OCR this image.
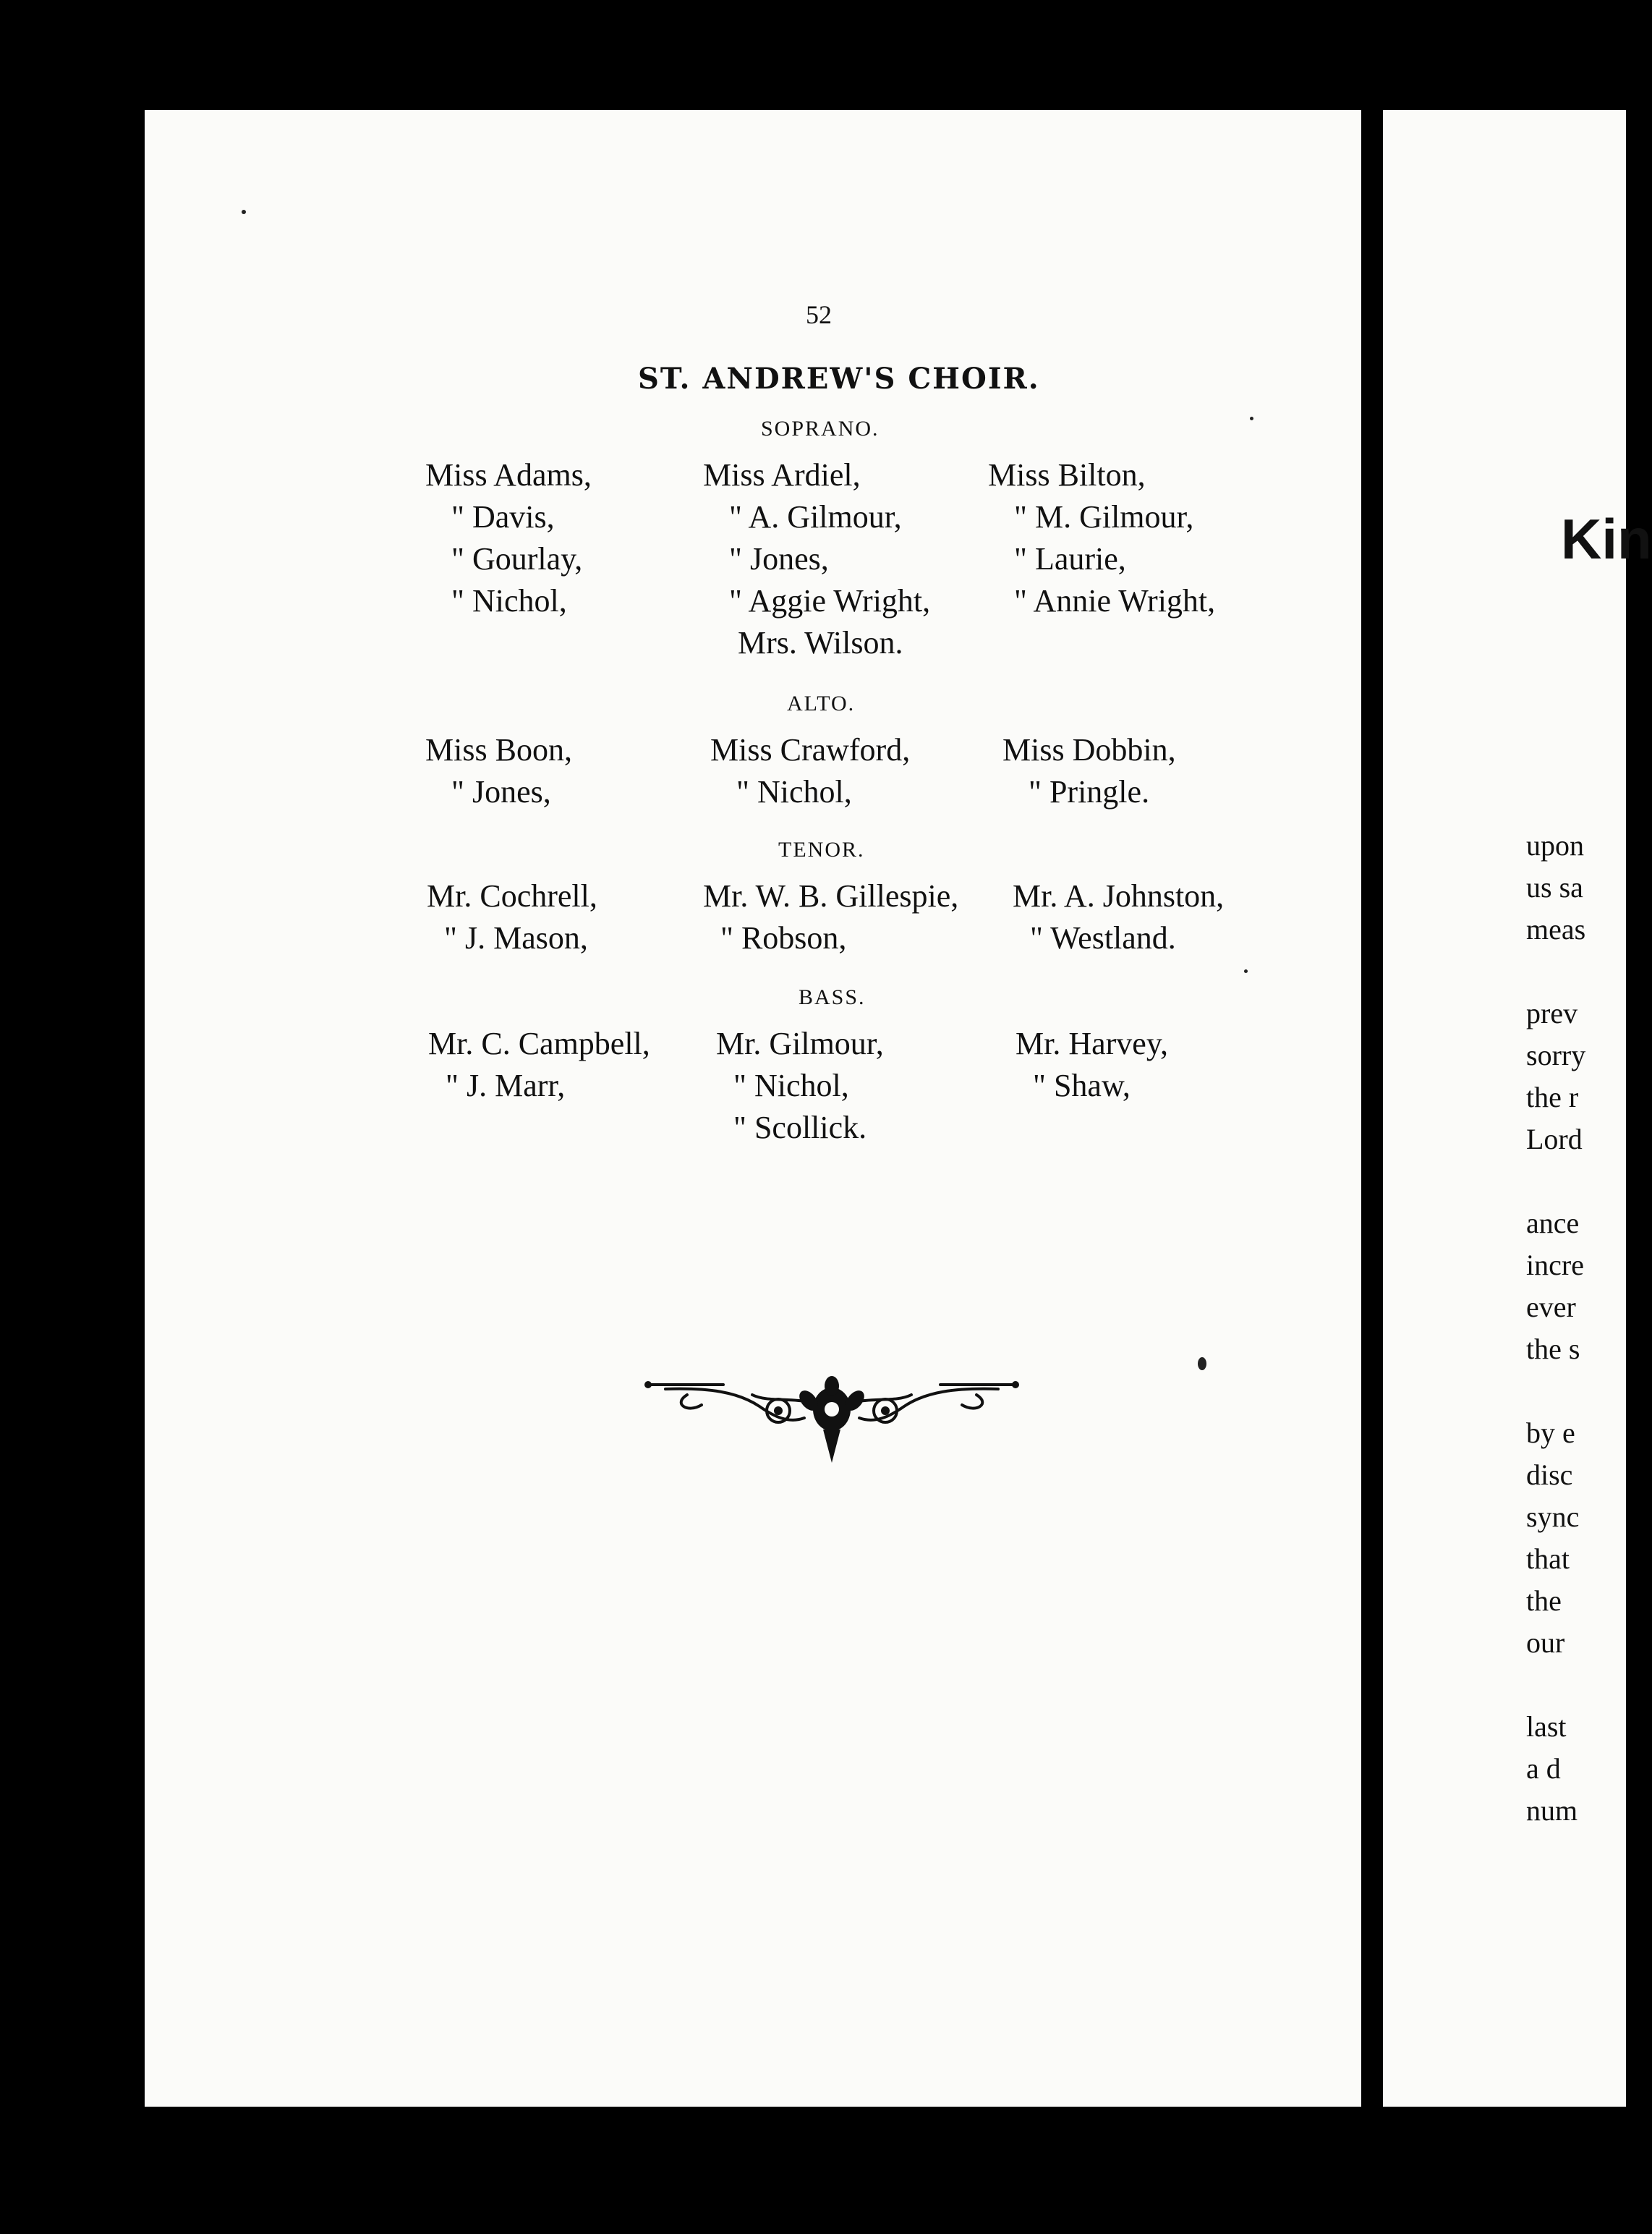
52
ST. ANDREW'S CHOIR.
SOPRANO.
Miss Adams,
" Davis,
" Gourlay,
" Nichol,
Miss Ardiel,
" A. Gilmour,
" Jones,
" Aggie Wright,
Mrs. Wilson.
Miss Bilton,
" M. Gilmour,
" Laurie,
" Annie Wright,
ALTO.
Miss Boon,
" Jones,
Miss Crawford,
" Nichol,
Miss Dobbin,
" Pringle.
TENOR.
Mr. Cochrell,
" J. Mason,
Mr. W. B. Gillespie,
" Robson,
Mr. A. Johnston,
" Westland.
BASS.
Mr. C. Campbell,
" J. Marr,
Mr. Gilmour,
" Nichol,
" Scollick.
Mr. Harvey,
" Shaw,
Kin
upon
us sa
meas
prev
sorry
the r
Lord
ance
incre
ever
the s
by e
disc
sync
that
the
our
last
a d
num
